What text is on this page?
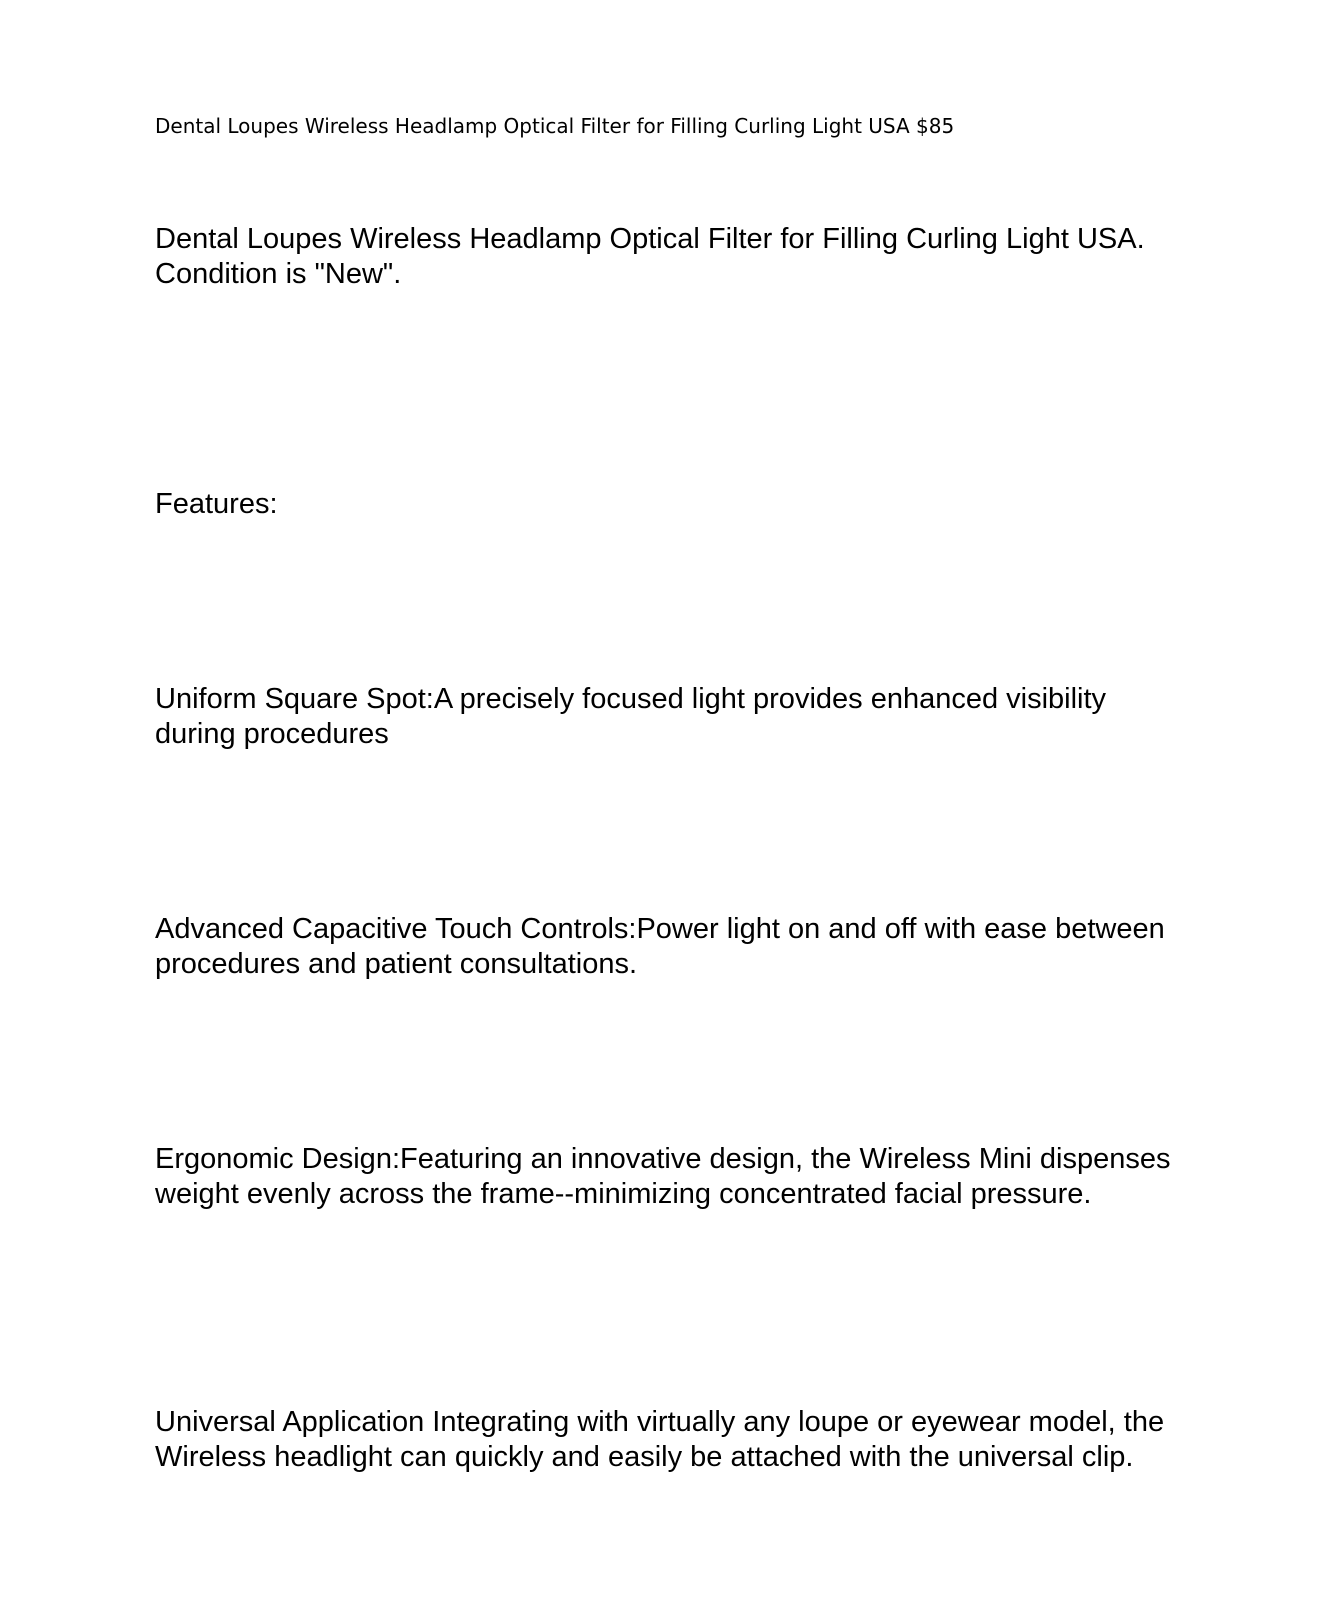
Dental Loupes Wireless Headlamp Optical Filter for Filling Curling Light USA $85

Dental Loupes Wireless Headlamp Optical Filter for Filling Curling Light USA. Condition is "New".

Features:

Uniform Square Spot:A precisely focused light provides enhanced visibility during procedures

Advanced Capacitive Touch Controls:Power light on and off with ease between procedures and patient consultations.

Ergonomic Design:Featuring an innovative design, the Wireless Mini dispenses weight evenly across the frame--minimizing concentrated facial pressure.

Universal Application Integrating with virtually any loupe or eyewear model, the Wireless headlight can quickly and easily be attached with the universal clip.
